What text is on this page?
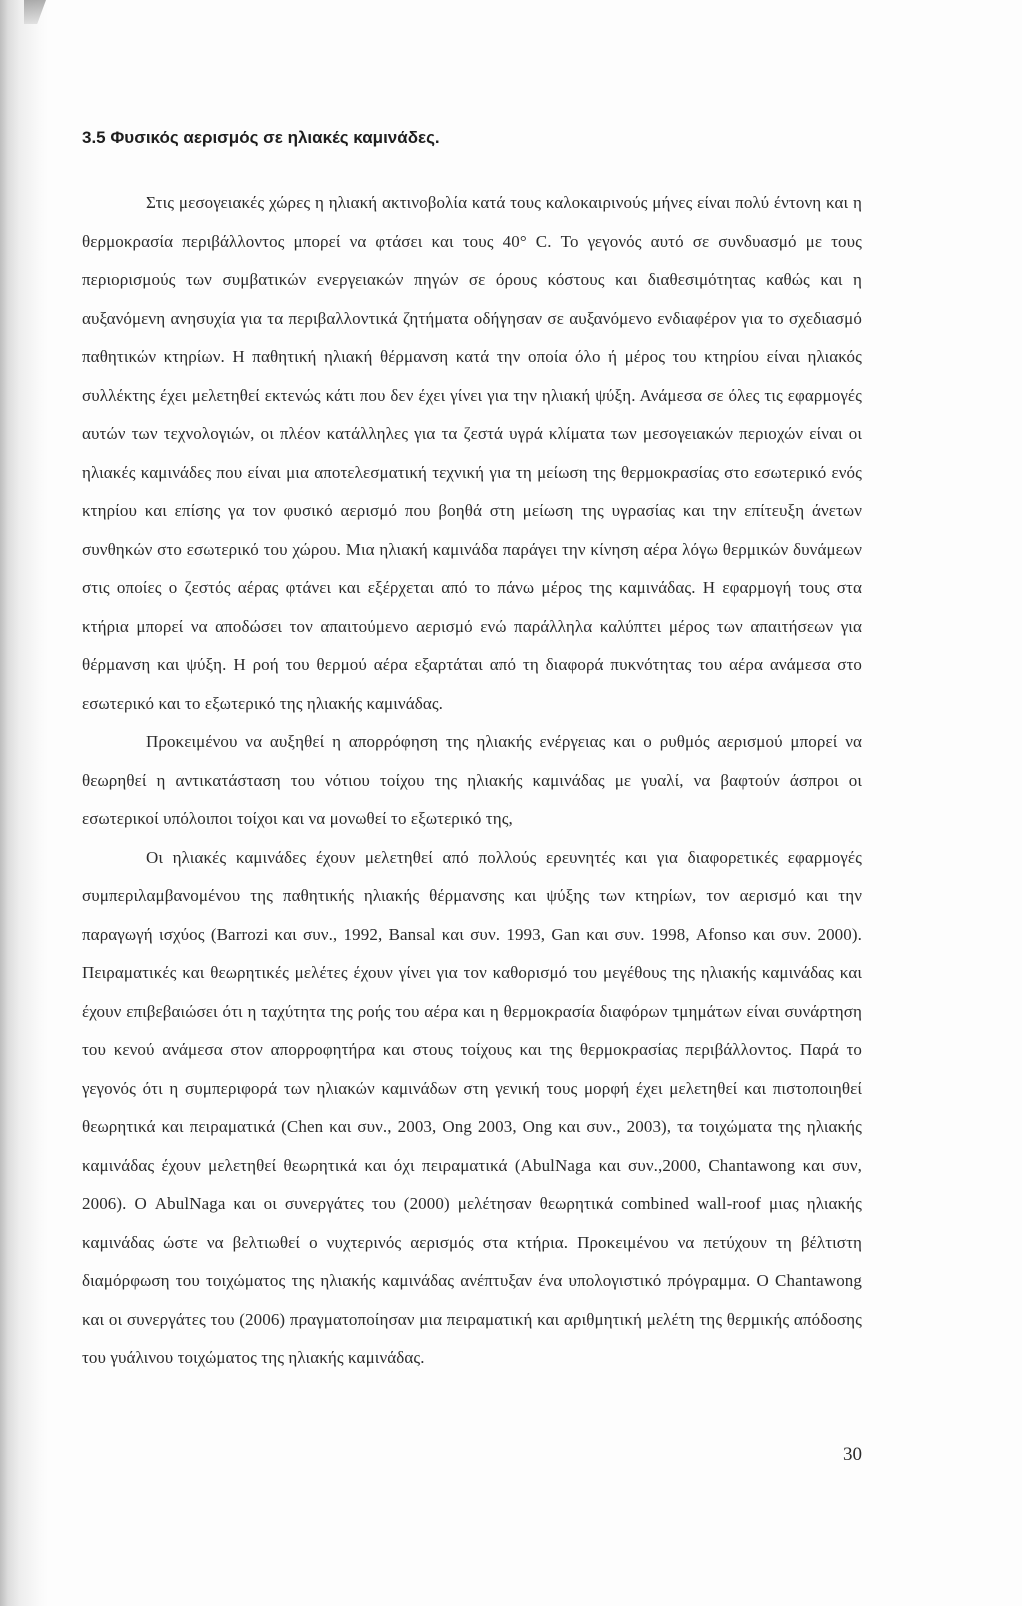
3.5 Φυσικός αερισμός σε ηλιακές καμινάδες.

Στις μεσογειακές χώρες η ηλιακή ακτινοβολία κατά τους καλοκαιρινούς μήνες είναι πολύ έντονη και η θερμοκρασία περιβάλλοντος μπορεί να φτάσει και τους 40° C. Το γεγονός αυτό σε συνδυασμό με τους περιορισμούς των συμβατικών ενεργειακών πηγών σε όρους κόστους και διαθεσιμότητας καθώς και η αυξανόμενη ανησυχία για τα περιβαλλοντικά ζητήματα οδήγησαν σε αυξανόμενο ενδιαφέρον για το σχεδιασμό παθητικών κτηρίων. Η παθητική ηλιακή θέρμανση κατά την οποία όλο ή μέρος του κτηρίου είναι ηλιακός συλλέκτης έχει μελετηθεί εκτενώς κάτι που δεν έχει γίνει για την ηλιακή ψύξη. Ανάμεσα σε όλες τις εφαρμογές αυτών των τεχνολογιών, οι πλέον κατάλληλες για τα ζεστά υγρά κλίματα των μεσογειακών περιοχών είναι οι ηλιακές καμινάδες που είναι μια αποτελεσματική τεχνική για τη μείωση της θερμοκρασίας στο εσωτερικό ενός κτηρίου και επίσης γα τον φυσικό αερισμό που βοηθά στη μείωση της υγρασίας και την επίτευξη άνετων συνθηκών στο εσωτερικό του χώρου. Μια ηλιακή καμινάδα παράγει την κίνηση αέρα λόγω θερμικών δυνάμεων στις οποίες ο ζεστός αέρας φτάνει και εξέρχεται από το πάνω μέρος της καμινάδας. Η εφαρμογή τους στα κτήρια μπορεί να αποδώσει τον απαιτούμενο αερισμό ενώ παράλληλα καλύπτει μέρος των απαιτήσεων για θέρμανση και ψύξη. Η ροή του θερμού αέρα εξαρτάται από τη διαφορά πυκνότητας του αέρα ανάμεσα στο εσωτερικό και το εξωτερικό της ηλιακής καμινάδας.

Προκειμένου να αυξηθεί η απορρόφηση της ηλιακής ενέργειας και ο ρυθμός αερισμού μπορεί να θεωρηθεί η αντικατάσταση του νότιου τοίχου της ηλιακής καμινάδας με γυαλί, να βαφτούν άσπροι οι εσωτερικοί υπόλοιποι τοίχοι και να μονωθεί το εξωτερικό της,

Οι ηλιακές καμινάδες έχουν μελετηθεί από πολλούς ερευνητές και για διαφορετικές εφαρμογές συμπεριλαμβανομένου της παθητικής ηλιακής θέρμανσης και ψύξης των κτηρίων, τον αερισμό και την παραγωγή ισχύος (Barrozi και συν., 1992, Bansal και συν. 1993, Gan και συν. 1998, Afonso και συν. 2000). Πειραματικές και θεωρητικές μελέτες έχουν γίνει για τον καθορισμό του μεγέθους της ηλιακής καμινάδας και έχουν επιβεβαιώσει ότι η ταχύτητα της ροής του αέρα και η θερμοκρασία διαφόρων τμημάτων είναι συνάρτηση του κενού ανάμεσα στον απορροφητήρα και στους τοίχους και της θερμοκρασίας περιβάλλοντος. Παρά το γεγονός ότι η συμπεριφορά των ηλιακών καμινάδων στη γενική τους μορφή έχει μελετηθεί και πιστοποιηθεί θεωρητικά και πειραματικά (Chen και συν., 2003, Ong 2003, Ong και συν., 2003), τα τοιχώματα της ηλιακής καμινάδας έχουν μελετηθεί θεωρητικά και όχι πειραματικά (AbulNaga και συν.,2000, Chantawong και συν, 2006). Ο AbulNaga και οι συνεργάτες του (2000) μελέτησαν θεωρητικά combined wall-roof μιας ηλιακής καμινάδας ώστε να βελτιωθεί ο νυχτερινός αερισμός στα κτήρια. Προκειμένου να πετύχουν τη βέλτιστη διαμόρφωση του τοιχώματος της ηλιακής καμινάδας ανέπτυξαν ένα υπολογιστικό πρόγραμμα. Ο Chantawong και οι συνεργάτες του (2006) πραγματοποίησαν μια πειραματική και αριθμητική μελέτη της θερμικής απόδοσης του γυάλινου τοιχώματος της ηλιακής καμινάδας.

30
